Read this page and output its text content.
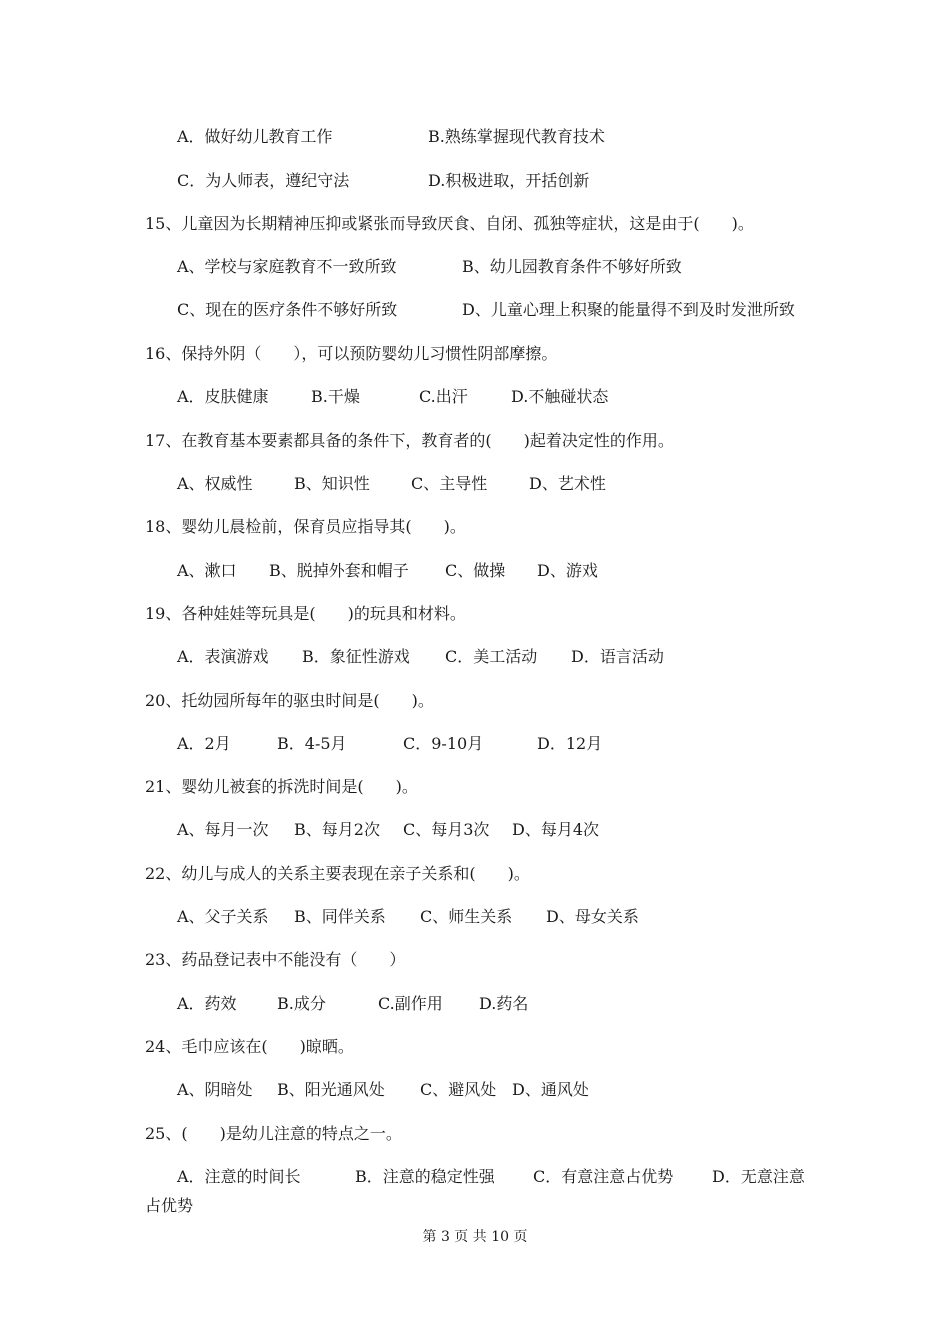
A．做好幼儿教育工作	B.熟练掌握现代教育技术
C．为人师表，遵纪守法	D.积极进取，开括创新
15、儿童因为长期精神压抑或紧张而导致厌食、自闭、孤独等症状，这是由于(　　)。
A、学校与家庭教育不一致所致	B、幼儿园教育条件不够好所致
C、现在的医疗条件不够好所致	D、儿童心理上积聚的能量得不到及时发泄所致
16、保持外阴（　　），可以预防婴幼儿习惯性阴部摩擦。
A．皮肤健康	B.干燥	C.出汗	D.不触碰状态
17、在教育基本要素都具备的条件下，教育者的(　　)起着决定性的作用。
A、权威性	B、知识性	C、主导性	D、艺术性
18、婴幼儿晨检前，保育员应指导其(　　)。
A、漱口 B、脱掉外套和帽子 C、做操 D、游戏
19、各种娃娃等玩具是(　　)的玩具和材料。
A．表演游戏 B．象征性游戏 C．美工活动 D．语言活动
20、托幼园所每年的驱虫时间是(　　)。
A．2月	B．4-5月	C．9-10月	D．12月
21、婴幼儿被套的拆洗时间是(　　)。
A、每月一次 B、每月2次 C、每月3次 D、每月4次
22、幼儿与成人的关系主要表现在亲子关系和(　　)。
A、父子关系 B、同伴关系 C、师生关系 D、母女关系
23、药品登记表中不能没有（　　）
A．药效	B.成分	C.副作用 D.药名
24、毛巾应该在(　　)晾晒。
A、阴暗处 B、阳光通风处 C、避风处 D、通风处
25、(　　)是幼儿注意的特点之一。
A．注意的时间长	B．注意的稳定性强 C．有意注意占优势 D．无意注意
占优势
第 3 页 共 10 页
